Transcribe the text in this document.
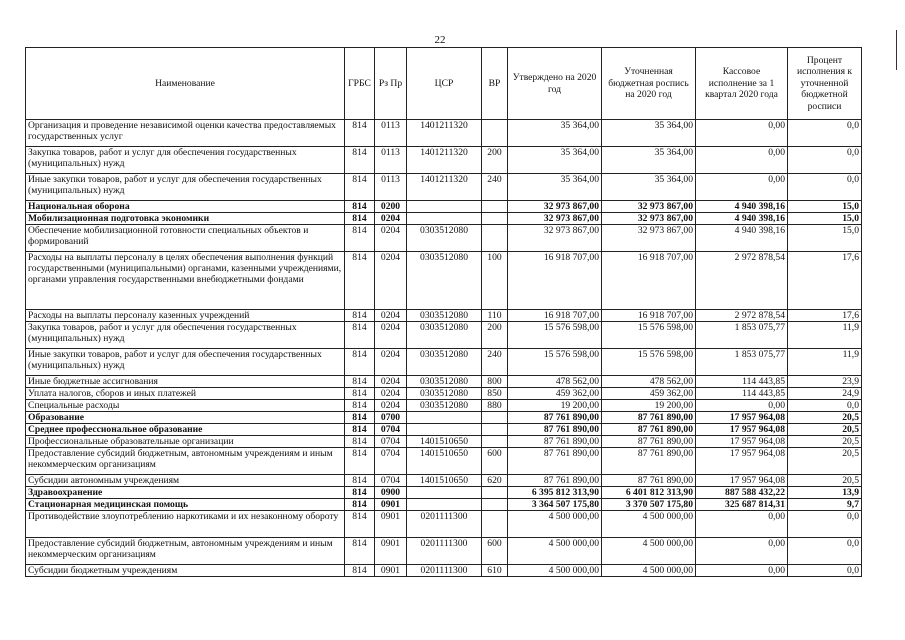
22
Наименование	ГРБС	Рз Пр	ЦСР	ВР	Утверждено на 2020 год	Уточненная бюджетная роспись на 2020 год	Кассовое исполнение за 1 квартал 2020 года	Процент исполнения к уточненной бюджетной росписи
Организация и проведение независимой оценки качества предоставляемых государственных услуг	814	0113	1401211320		35 364,00	35 364,00	0,00	0,0
Закупка товаров, работ и услуг для обеспечения государственных (муниципальных) нужд	814	0113	1401211320	200	35 364,00	35 364,00	0,00	0,0
Иные закупки товаров, работ и услуг для обеспечения государственных (муниципальных) нужд	814	0113	1401211320	240	35 364,00	35 364,00	0,00	0,0
Национальная оборона	814	0200			32 973 867,00	32 973 867,00	4 940 398,16	15,0
Мобилизационная подготовка экономики	814	0204			32 973 867,00	32 973 867,00	4 940 398,16	15,0
Обеспечение мобилизационной готовности специальных объектов и формирований	814	0204	0303512080		32 973 867,00	32 973 867,00	4 940 398,16	15,0
Расходы на выплаты персоналу в целях обеспечения выполнения функций государственными (муниципальными) органами, казенными учреждениями, органами управления государственными внебюджетными фондами	814	0204	0303512080	100	16 918 707,00	16 918 707,00	2 972 878,54	17,6
Расходы на выплаты персоналу казенных учреждений	814	0204	0303512080	110	16 918 707,00	16 918 707,00	2 972 878,54	17,6
Закупка товаров, работ и услуг для обеспечения государственных (муниципальных) нужд	814	0204	0303512080	200	15 576 598,00	15 576 598,00	1 853 075,77	11,9
Иные закупки товаров, работ и услуг для обеспечения государственных (муниципальных) нужд	814	0204	0303512080	240	15 576 598,00	15 576 598,00	1 853 075,77	11,9
Иные бюджетные ассигнования	814	0204	0303512080	800	478 562,00	478 562,00	114 443,85	23,9
Уплата налогов, сборов и иных платежей	814	0204	0303512080	850	459 362,00	459 362,00	114 443,85	24,9
Специальные расходы	814	0204	0303512080	880	19 200,00	19 200,00	0,00	0,0
Образование	814	0700			87 761 890,00	87 761 890,00	17 957 964,08	20,5
Среднее профессиональное образование	814	0704			87 761 890,00	87 761 890,00	17 957 964,08	20,5
Профессиональные образовательные организации	814	0704	1401510650		87 761 890,00	87 761 890,00	17 957 964,08	20,5
Предоставление субсидий бюджетным, автономным учреждениям и иным некоммерческим организациям	814	0704	1401510650	600	87 761 890,00	87 761 890,00	17 957 964,08	20,5
Субсидии автономным учреждениям	814	0704	1401510650	620	87 761 890,00	87 761 890,00	17 957 964,08	20,5
Здравоохранение	814	0900			6 395 812 313,90	6 401 812 313,90	887 588 432,22	13,9
Стационарная медицинская помощь	814	0901			3 364 507 175,80	3 370 507 175,80	325 687 814,31	9,7
Противодействие злоупотреблению наркотиками и их незаконному обороту	814	0901	0201111300		4 500 000,00	4 500 000,00	0,00	0,0
Предоставление субсидий бюджетным, автономным учреждениям и иным некоммерческим организациям	814	0901	0201111300	600	4 500 000,00	4 500 000,00	0,00	0,0
Субсидии бюджетным учреждениям	814	0901	0201111300	610	4 500 000,00	4 500 000,00	0,00	0,0
